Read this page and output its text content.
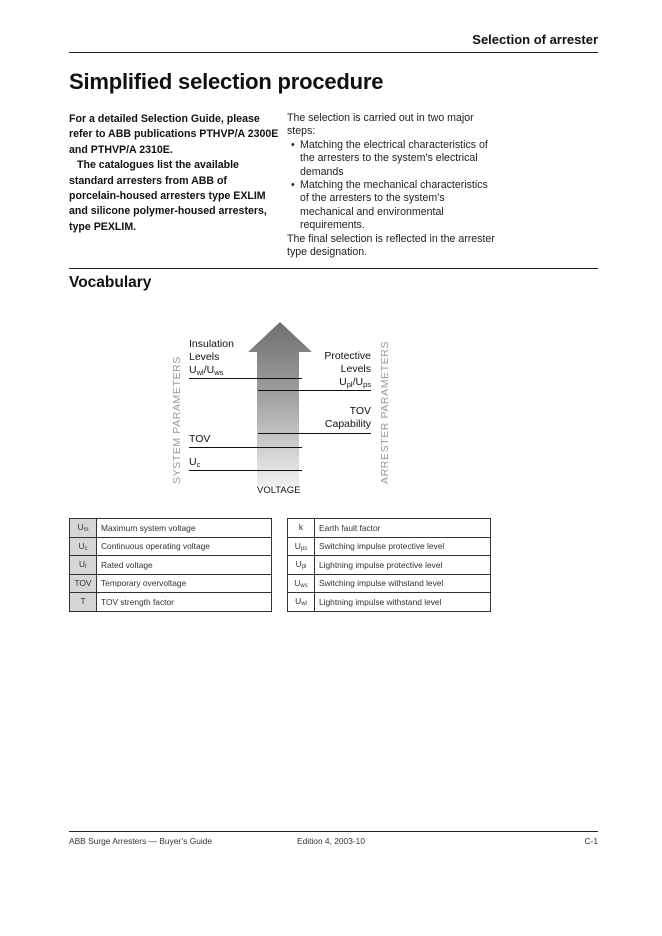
Selection of arrester
Simplified selection procedure

For a detailed Selection Guide, please refer to ABB publications PTHVP/A 2300E and PTHVP/A 2310E.

The catalogues list the available standard arresters from ABB of porcelain-housed arresters type EXLIM and silicone polymer-housed arresters, type PEXLIM.

The selection is carried out in two major steps:

• Matching the electrical characteristics of the arresters to the system’s electrical demands
• Matching the mechanical characteristics of the arresters to the system’s mechanical and environmental requirements.

The final selection is reflected in the arrester type designation.

Vocabulary
SYSTEM PARAMETERS	ARRESTER PARAMETERS
Insulation
Levels
$U_{wl}/U_{ws}$
TOV
$U_c$
Protective
Levels
$U_{pl}/U_{ps}$
TOV
Capability
VOLTAGE
$U_m$	Maximum system voltage
$U_c$	Continuous operating voltage
$U_r$	Rated voltage
TOV	Temporary overvoltage
T	TOV strength factor
k	Earth fault factor
$U_{ps}$	Switching impulse protective level
$U_{pl}$	Lightning impulse protective level
$U_{ws}$	Switching impulse withstand level
$U_{wl}$	Lightning impulse withstand level
ABB Surge Arresters — Buyer’s Guide	Edition 4, 2003-10	C-1
